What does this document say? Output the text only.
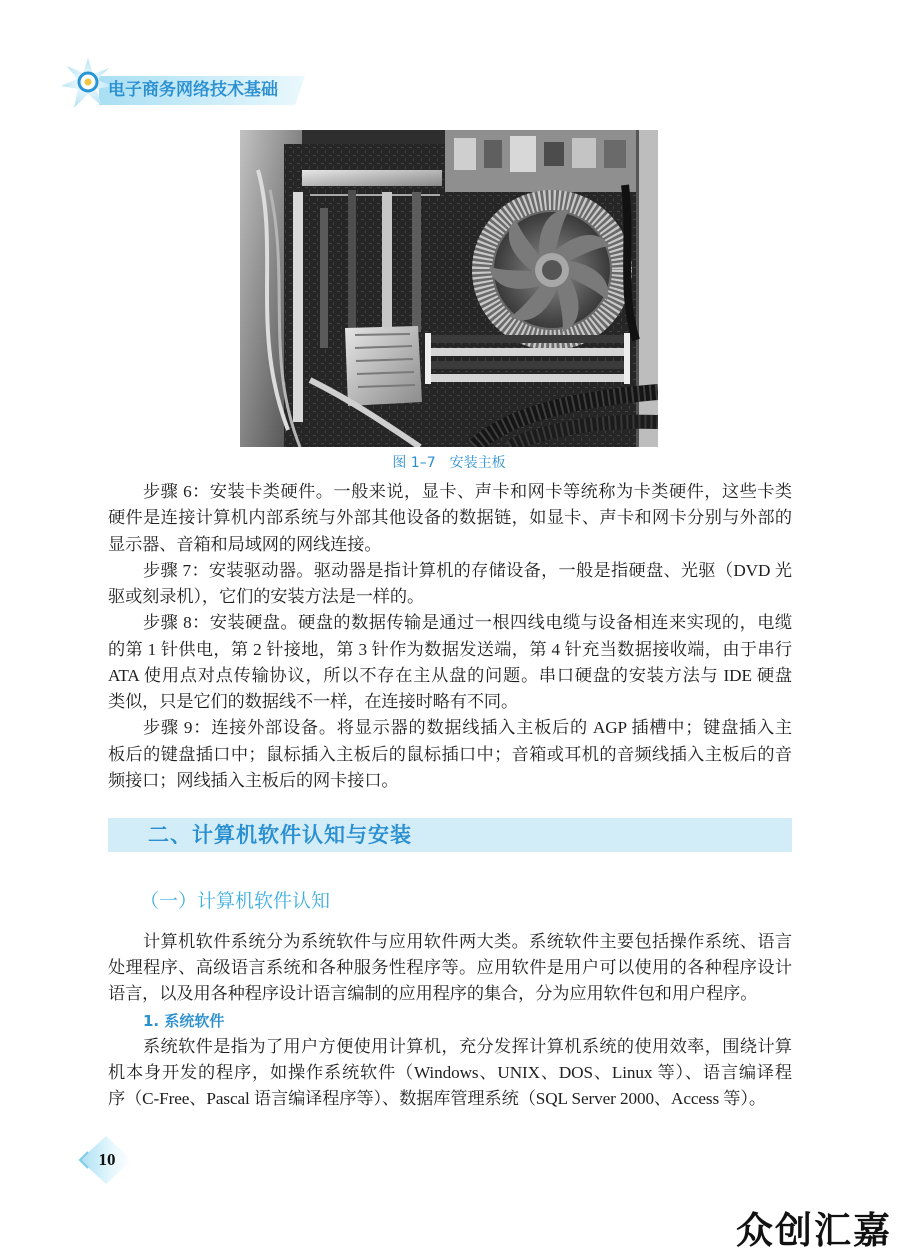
电子商务网络技术基础
图 1–7　安装主板
步骤 6：安装卡类硬件。一般来说，显卡、声卡和网卡等统称为卡类硬件，这些卡类
硬件是连接计算机内部系统与外部其他设备的数据链，如显卡、声卡和网卡分别与外部的
显示器、音箱和局域网的网线连接。
步骤 7：安装驱动器。驱动器是指计算机的存储设备，一般是指硬盘、光驱（DVD 光
驱或刻录机），它们的安装方法是一样的。
步骤 8：安装硬盘。硬盘的数据传输是通过一根四线电缆与设备相连来实现的，电缆
的第 1 针供电，第 2 针接地，第 3 针作为数据发送端，第 4 针充当数据接收端，由于串行
ATA 使用点对点传输协议，所以不存在主从盘的问题。串口硬盘的安装方法与 IDE 硬盘
类似，只是它们的数据线不一样，在连接时略有不同。
步骤 9：连接外部设备。将显示器的数据线插入主板后的 AGP 插槽中；键盘插入主
板后的键盘插口中；鼠标插入主板后的鼠标插口中；音箱或耳机的音频线插入主板后的音
频接口；网线插入主板后的网卡接口。
二、计算机软件认知与安装
（一）计算机软件认知
计算机软件系统分为系统软件与应用软件两大类。系统软件主要包括操作系统、语言
处理程序、高级语言系统和各种服务性程序等。应用软件是用户可以使用的各种程序设计
语言，以及用各种程序设计语言编制的应用程序的集合，分为应用软件包和用户程序。
1. 系统软件
系统软件是指为了用户方便使用计算机，充分发挥计算机系统的使用效率，围绕计算
机本身开发的程序，如操作系统软件（Windows、UNIX、DOS、Linux 等）、语言编译程
序（C-Free、Pascal 语言编译程序等）、数据库管理系统（SQL Server 2000、Access 等）。
10
众创汇嘉
